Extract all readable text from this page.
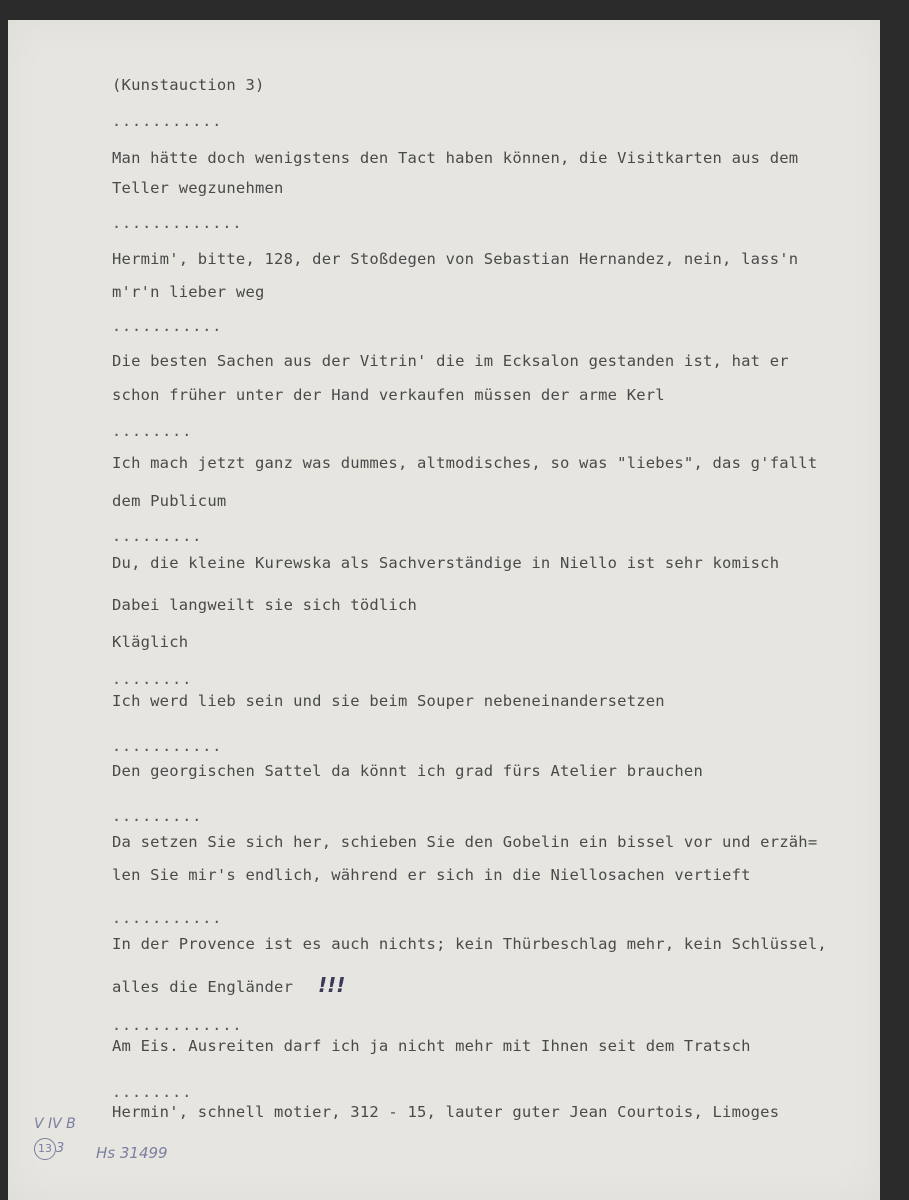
(Kunstauction 3)
...........
Man hätte doch wenigstens den Tact haben können, die Visitkarten aus dem
Teller wegzunehmen
.............
Hermim', bitte, 128, der Stoßdegen von Sebastian Hernandez, nein, lass'n
m'r'n lieber weg
...........
Die besten Sachen aus der Vitrin' die im Ecksalon gestanden ist, hat er
schon früher unter der Hand verkaufen müssen der arme Kerl
........
Ich mach jetzt ganz was dummes, altmodisches, so was "liebes", das g'fallt
dem Publicum
.........
Du, die kleine Kurewska als Sachverständige in Niello ist sehr komisch
Dabei langweilt sie sich tödlich
Kläglich
........
Ich werd lieb sein und sie beim Souper nebeneinandersetzen
...........
Den georgischen Sattel da könnt ich grad fürs Atelier brauchen
.........
Da setzen Sie sich her, schieben Sie den Gobelin ein bissel vor und erzäh=
len Sie mir's endlich, während er sich in die Niellosachen vertieft
...........
In der Provence ist es auch nichts; kein Thürbeschlag mehr, kein Schlüssel,
alles die Engländer !!!
.............
Am Eis. Ausreiten darf ich ja nicht mehr mit Ihnen seit dem Tratsch
........
Hermin', schnell motier, 312 - 15, lauter guter Jean Courtois, Limoges
V IV B
13 3 Hs 31499
